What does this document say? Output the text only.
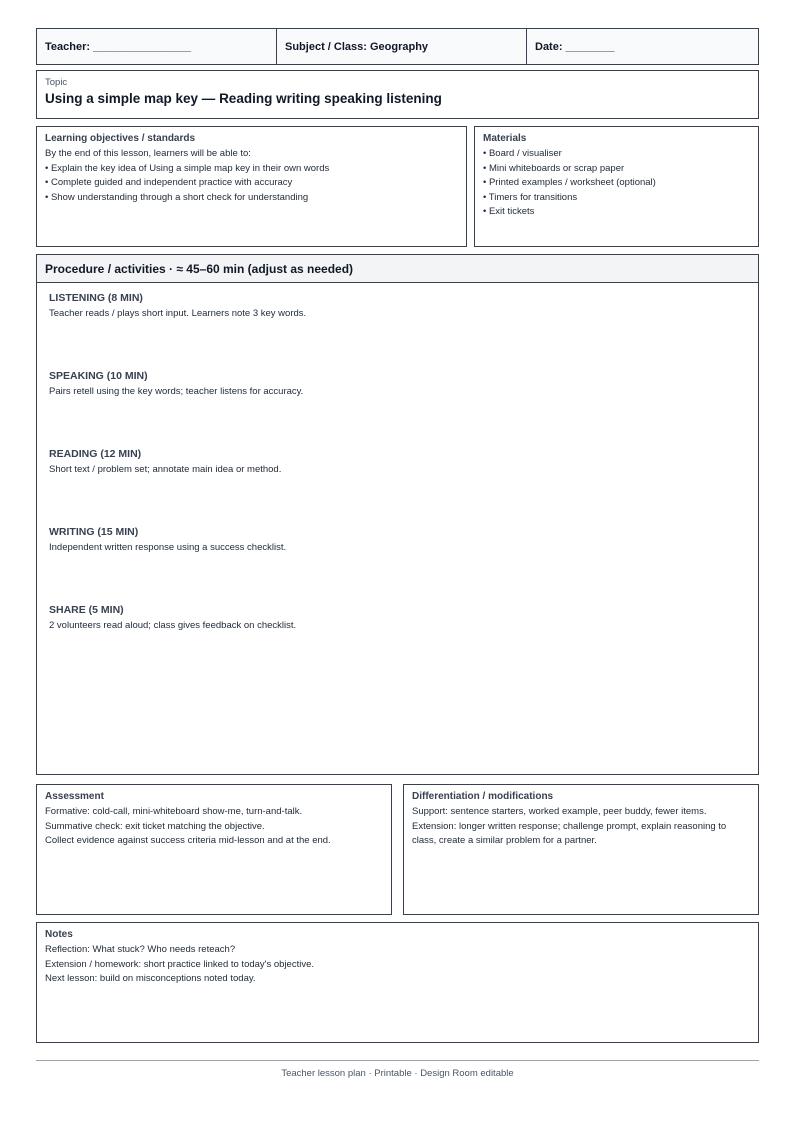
Teacher: ________________	Subject / Class: Geography	Date: ________
Topic
Using a simple map key — Reading writing speaking listening
Learning objectives / standards
By the end of this lesson, learners will be able to:
• Explain the key idea of Using a simple map key in their own words
• Complete guided and independent practice with accuracy
• Show understanding through a short check for understanding
Materials
• Board / visualiser
• Mini whiteboards or scrap paper
• Printed examples / worksheet (optional)
• Timers for transitions
• Exit tickets
Procedure / activities · ≈ 45–60 min (adjust as needed)
LISTENING (8 MIN)
Teacher reads / plays short input. Learners note 3 key words.
SPEAKING (10 MIN)
Pairs retell using the key words; teacher listens for accuracy.
READING (12 MIN)
Short text / problem set; annotate main idea or method.
WRITING (15 MIN)
Independent written response using a success checklist.
SHARE (5 MIN)
2 volunteers read aloud; class gives feedback on checklist.
Assessment
Formative: cold-call, mini-whiteboard show-me, turn-and-talk.
Summative check: exit ticket matching the objective.
Collect evidence against success criteria mid-lesson and at the end.
Differentiation / modifications
Support: sentence starters, worked example, peer buddy, fewer items.
Extension: longer written response; challenge prompt, explain reasoning to class, create a similar problem for a partner.
Notes
Reflection: What stuck? Who needs reteach?
Extension / homework: short practice linked to today's objective.
Next lesson: build on misconceptions noted today.
Teacher lesson plan · Printable · Design Room editable
